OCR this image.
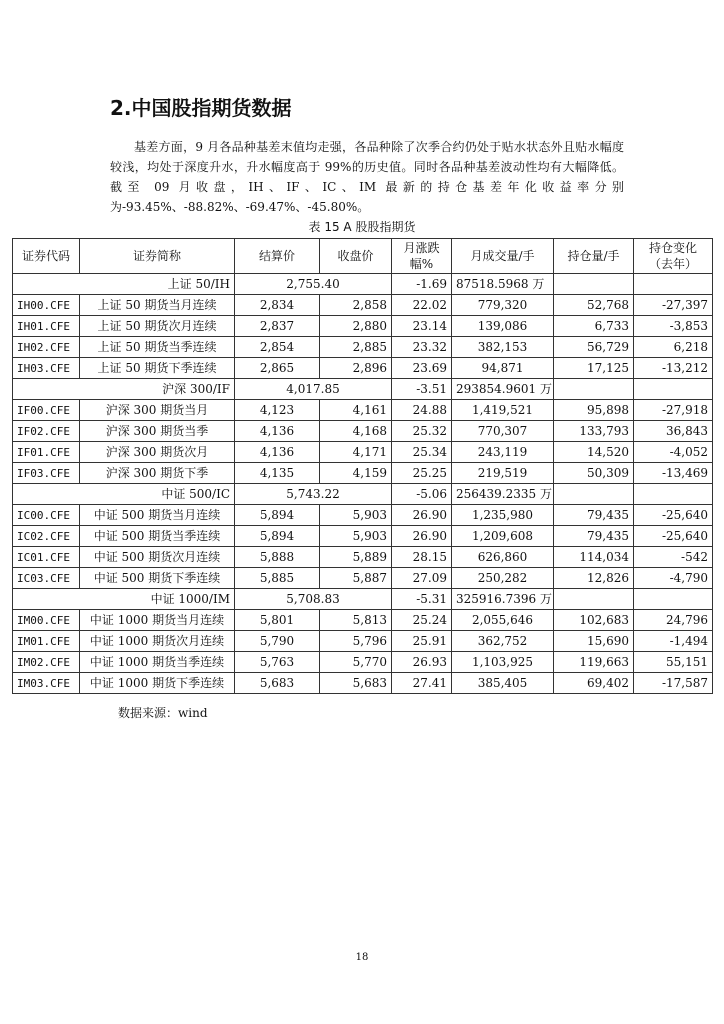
2.中国股指期货数据

基差方面，9 月各品种基差末值均走强，各品种除了次季合约仍处于贴水状态外且贴水幅度较浅，均处于深度升水，升水幅度高于 99%的历史值。同时各品种基差波动性均有大幅降低。 截至 09 月收盘，IH、IF、IC、IM 最新的持仓基差年化收益率分别为-93.45%、-88.82%、-69.47%、-45.80%。

表 15 A 股股指期货
证券代码	证券简称	结算价	收盘价	月涨跌幅%	月成交量/手	持仓量/手	持仓变化（去年）
上证 50/IH		2,755.40		-1.69	87518.5968 万		
IH00.CFE	上证 50 期货当月连续	2,834	2,858	22.02	779,320	52,768	-27,397
IH01.CFE	上证 50 期货次月连续	2,837	2,880	23.14	139,086	6,733	-3,853
IH02.CFE	上证 50 期货当季连续	2,854	2,885	23.32	382,153	56,729	6,218
IH03.CFE	上证 50 期货下季连续	2,865	2,896	23.69	94,871	17,125	-13,212
沪深 300/IF		4,017.85		-3.51	293854.9601 万		
IF00.CFE	沪深 300 期货当月	4,123	4,161	24.88	1,419,521	95,898	-27,918
IF02.CFE	沪深 300 期货当季	4,136	4,168	25.32	770,307	133,793	36,843
IF01.CFE	沪深 300 期货次月	4,136	4,171	25.34	243,119	14,520	-4,052
IF03.CFE	沪深 300 期货下季	4,135	4,159	25.25	219,519	50,309	-13,469
中证 500/IC		5,743.22		-5.06	256439.2335 万		
IC00.CFE	中证 500 期货当月连续	5,894	5,903	26.90	1,235,980	79,435	-25,640
IC02.CFE	中证 500 期货当季连续	5,894	5,903	26.90	1,209,608	79,435	-25,640
IC01.CFE	中证 500 期货次月连续	5,888	5,889	28.15	626,860	114,034	-542
IC03.CFE	中证 500 期货下季连续	5,885	5,887	27.09	250,282	12,826	-4,790
中证 1000/IM		5,708.83		-5.31	325916.7396 万		
IM00.CFE	中证 1000 期货当月连续	5,801	5,813	25.24	2,055,646	102,683	24,796
IM01.CFE	中证 1000 期货次月连续	5,790	5,796	25.91	362,752	15,690	-1,494
IM02.CFE	中证 1000 期货当季连续	5,763	5,770	26.93	1,103,925	119,663	55,151
IM03.CFE	中证 1000 期货下季连续	5,683	5,683	27.41	385,405	69,402	-17,587
数据来源：wind
18
